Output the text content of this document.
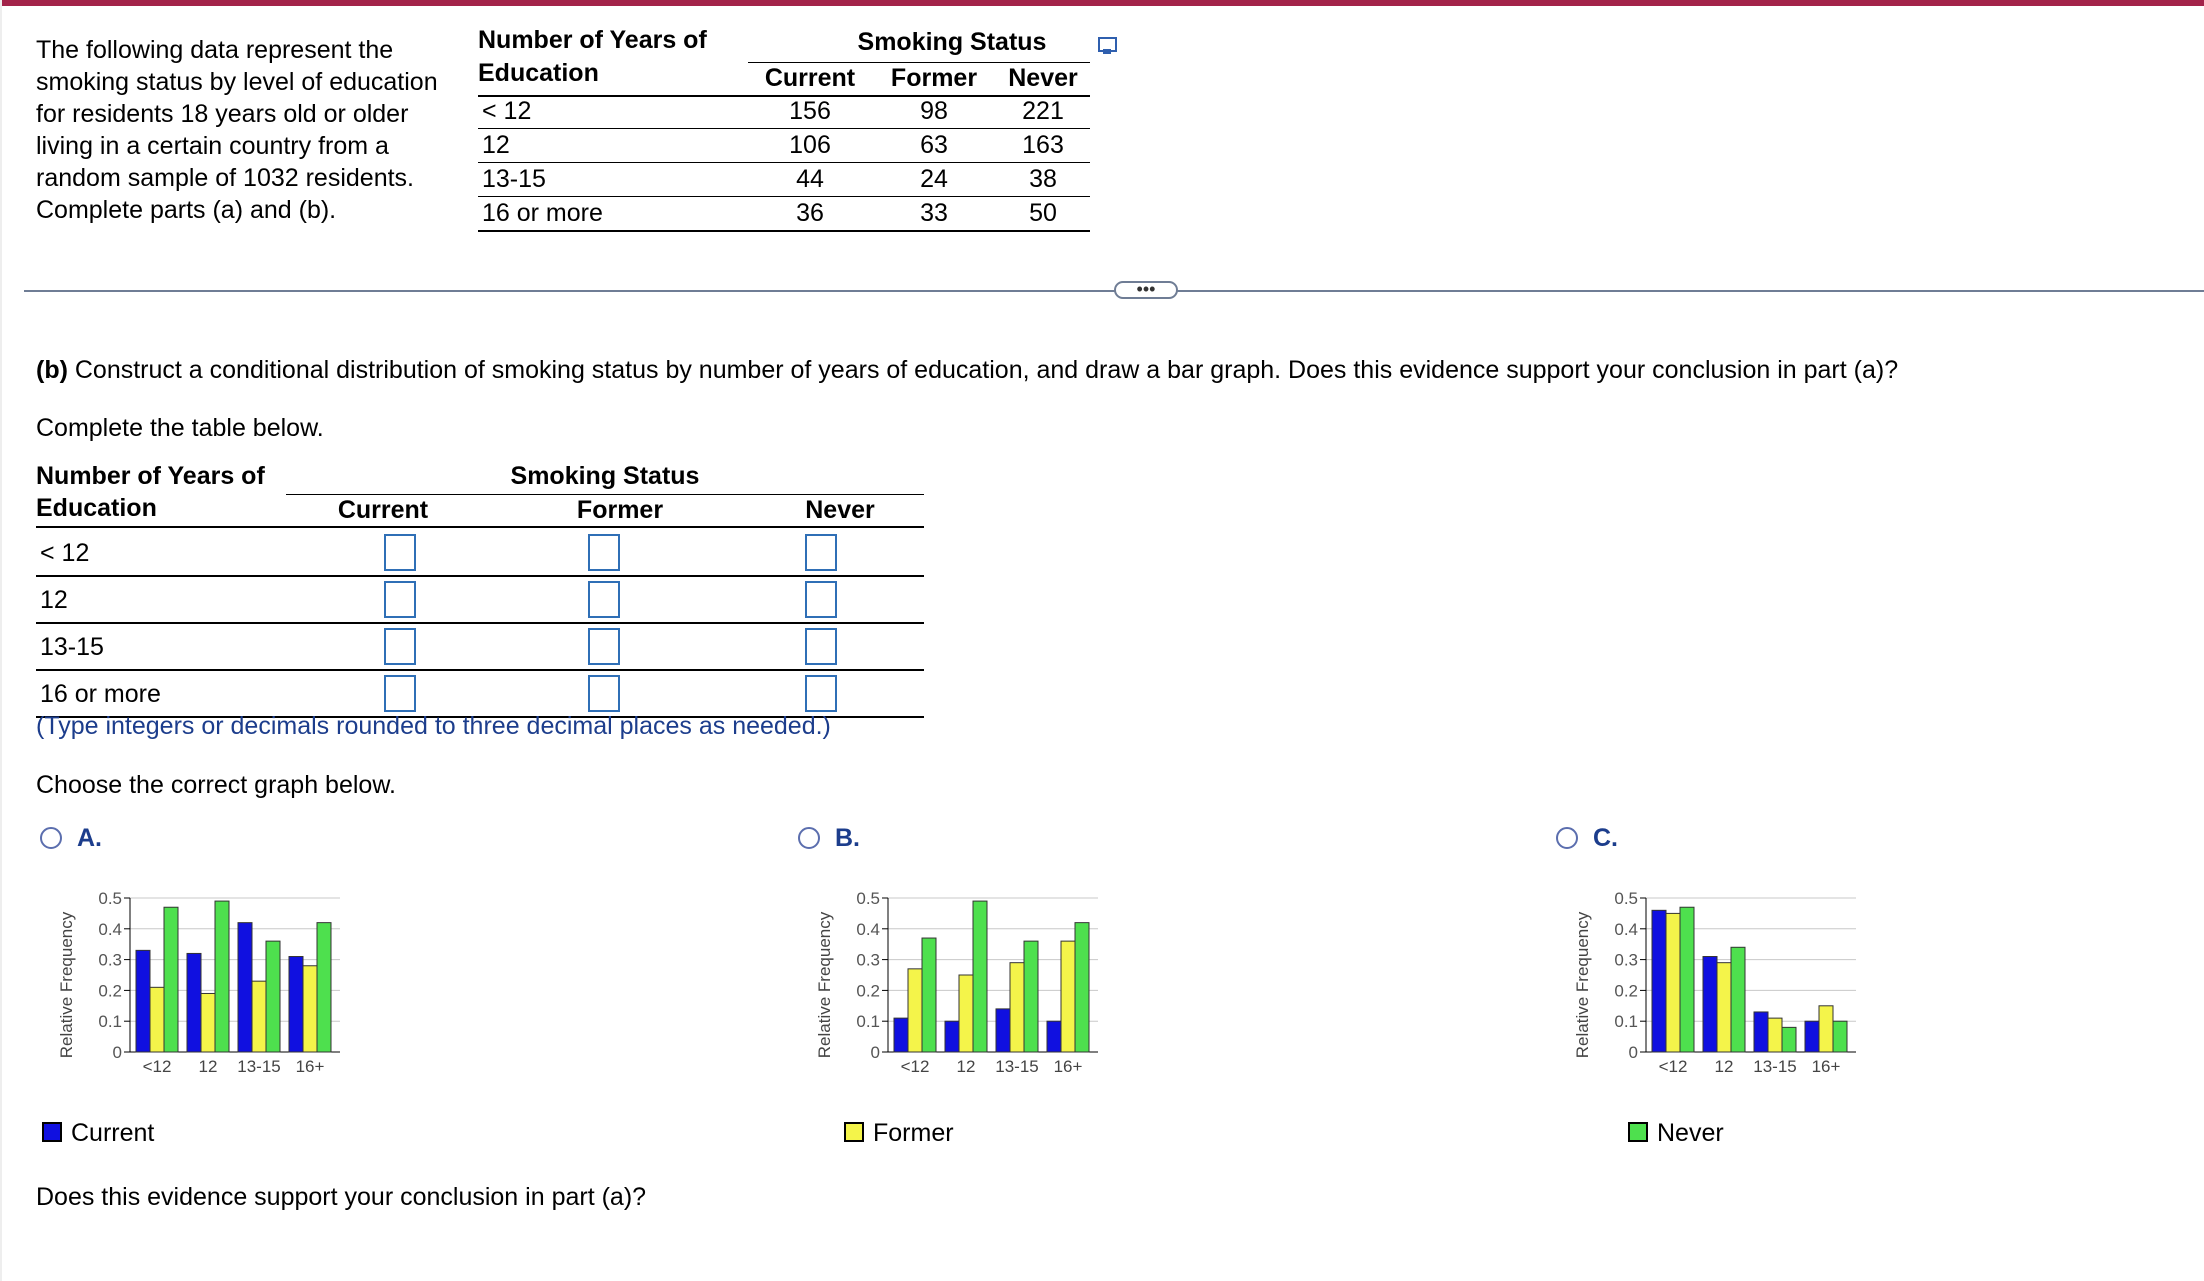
The following data represent the
smoking status by level of education
for residents 18 years old or older
living in a certain country from a
random sample of 1032 residents.
Complete parts (a) and (b).
Number of Years of
Education
Smoking Status
Current	Former	Never
< 12	156	98	221
12	106	63	163
13-15	44	24	38
16 or more	36	33	50
•••
(b) Construct a conditional distribution of smoking status by number of years of education, and draw a bar graph. Does this evidence support your conclusion in part (a)?
Complete the table below.
Number of Years of
Education
Smoking Status
Current	Former	Never
< 12
12
13-15
16 or more
(Type integers or decimals rounded to three decimal places as needed.)
Choose the correct graph below.
A.	B.	C.
0
0.1
0.2
0.3
0.4
0.5
Relative Frequency
<12 12 13-15 16+
0
0.1
0.2
0.3
0.4
0.5
Relative Frequency
<12 12 13-15 16+
0
0.1
0.2
0.3
0.4
0.5
Relative Frequency
<12 12 13-15 16+
Current	Former	Never
Does this evidence support your conclusion in part (a)?
